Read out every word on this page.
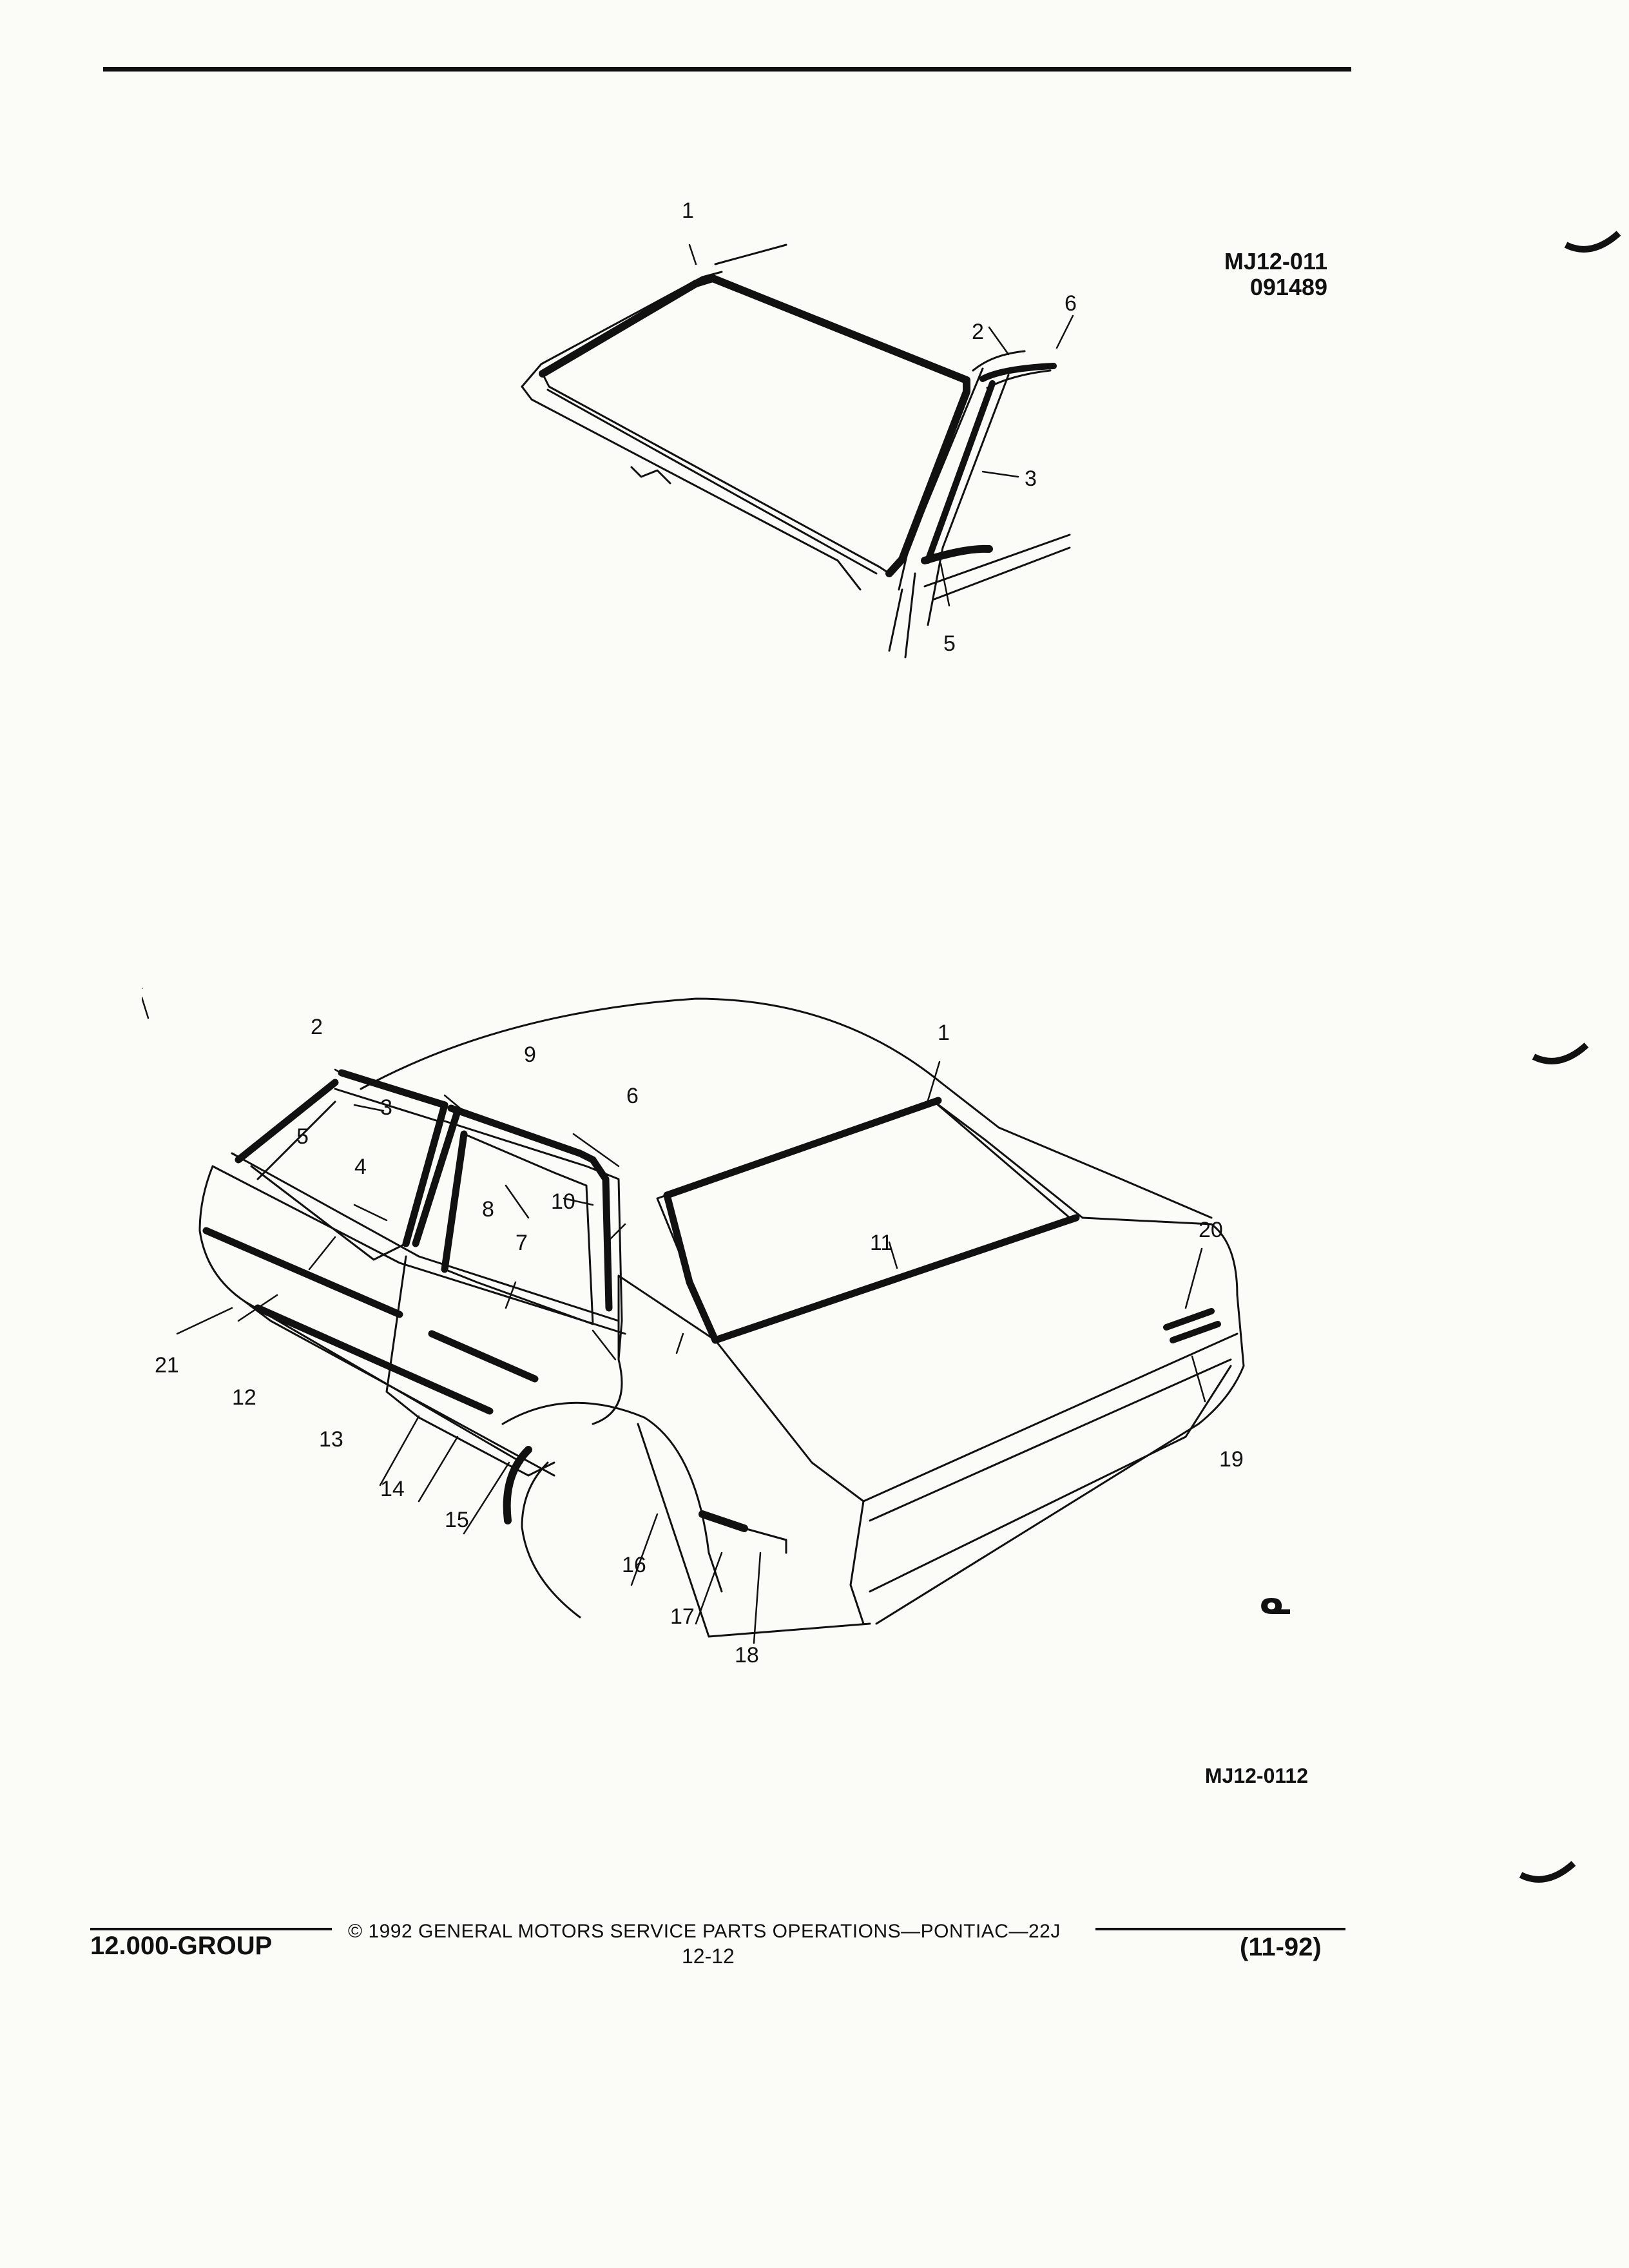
MJ12-011
091489
1
2
6
3
5
2
9
1
3	6
5
4
8	10
7	11
20
19
21
12
13
14
15
16
17
18
ᓇ
MJ12-0112
12.000-GROUP
© 1992 GENERAL MOTORS SERVICE PARTS OPERATIONS—PONTIAC—22J
12-12	(11-92)
